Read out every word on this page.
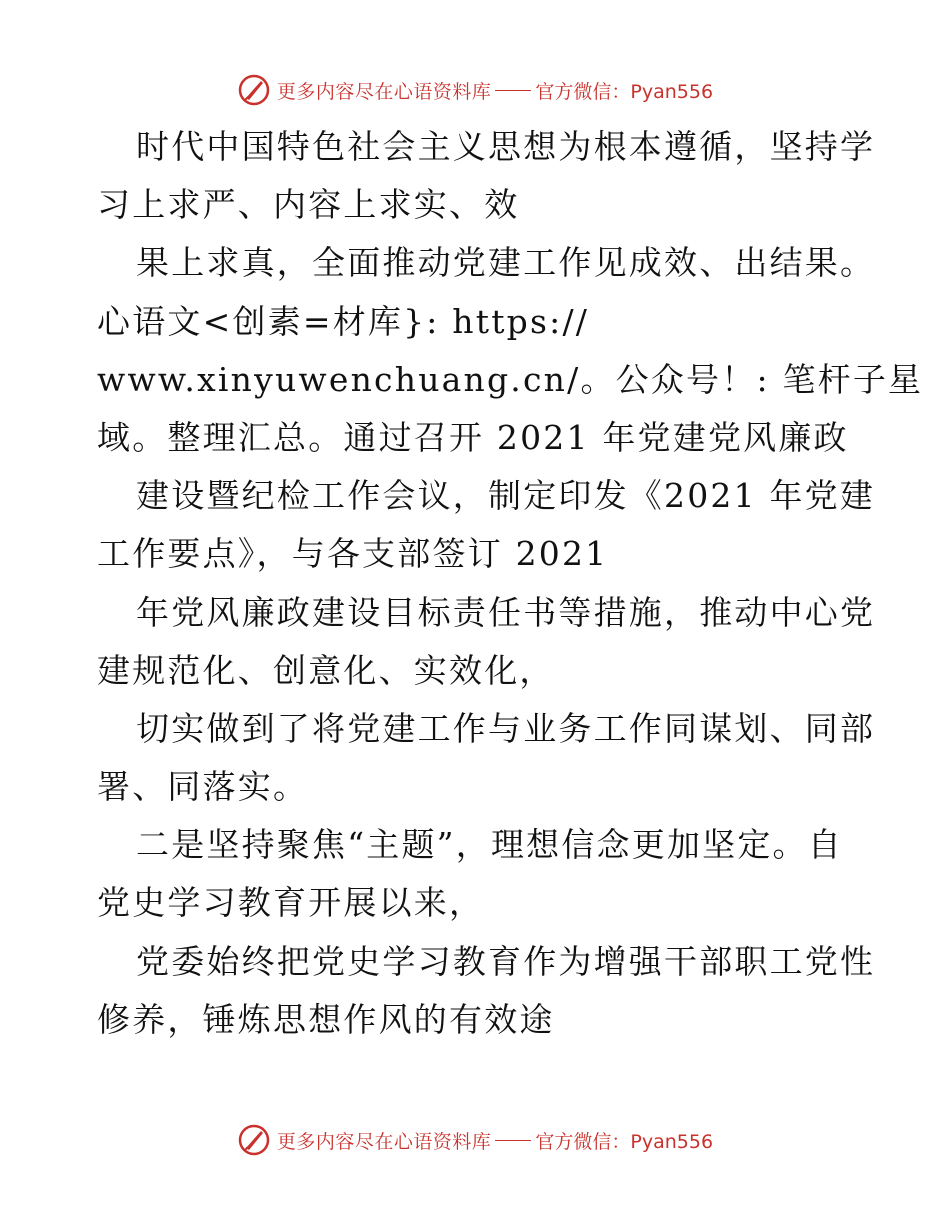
更多内容尽在心语资料库 官方微信：Pyan556
时代中国特色社会主义思想为根本遵循，坚持学
习上求严、内容上求实、效
果上求真，全面推动党建工作见成效、出结果。
心语文<创素=材库}: https://
www.xinyuwenchuang.cn/。公众号！: 笔杆子星
域。整理汇总。通过召开 2021 年党建党风廉政
建设暨纪检工作会议，制定印发《2021 年党建
工作要点》，与各支部签订 2021
年党风廉政建设目标责任书等措施，推动中心党
建规范化、创意化、实效化，
切实做到了将党建工作与业务工作同谋划、同部
署、同落实。
二是坚持聚焦“主题”，理想信念更加坚定。自
党史学习教育开展以来，
党委始终把党史学习教育作为增强干部职工党性
修养，锤炼思想作风的有效途
更多内容尽在心语资料库 官方微信：Pyan556
